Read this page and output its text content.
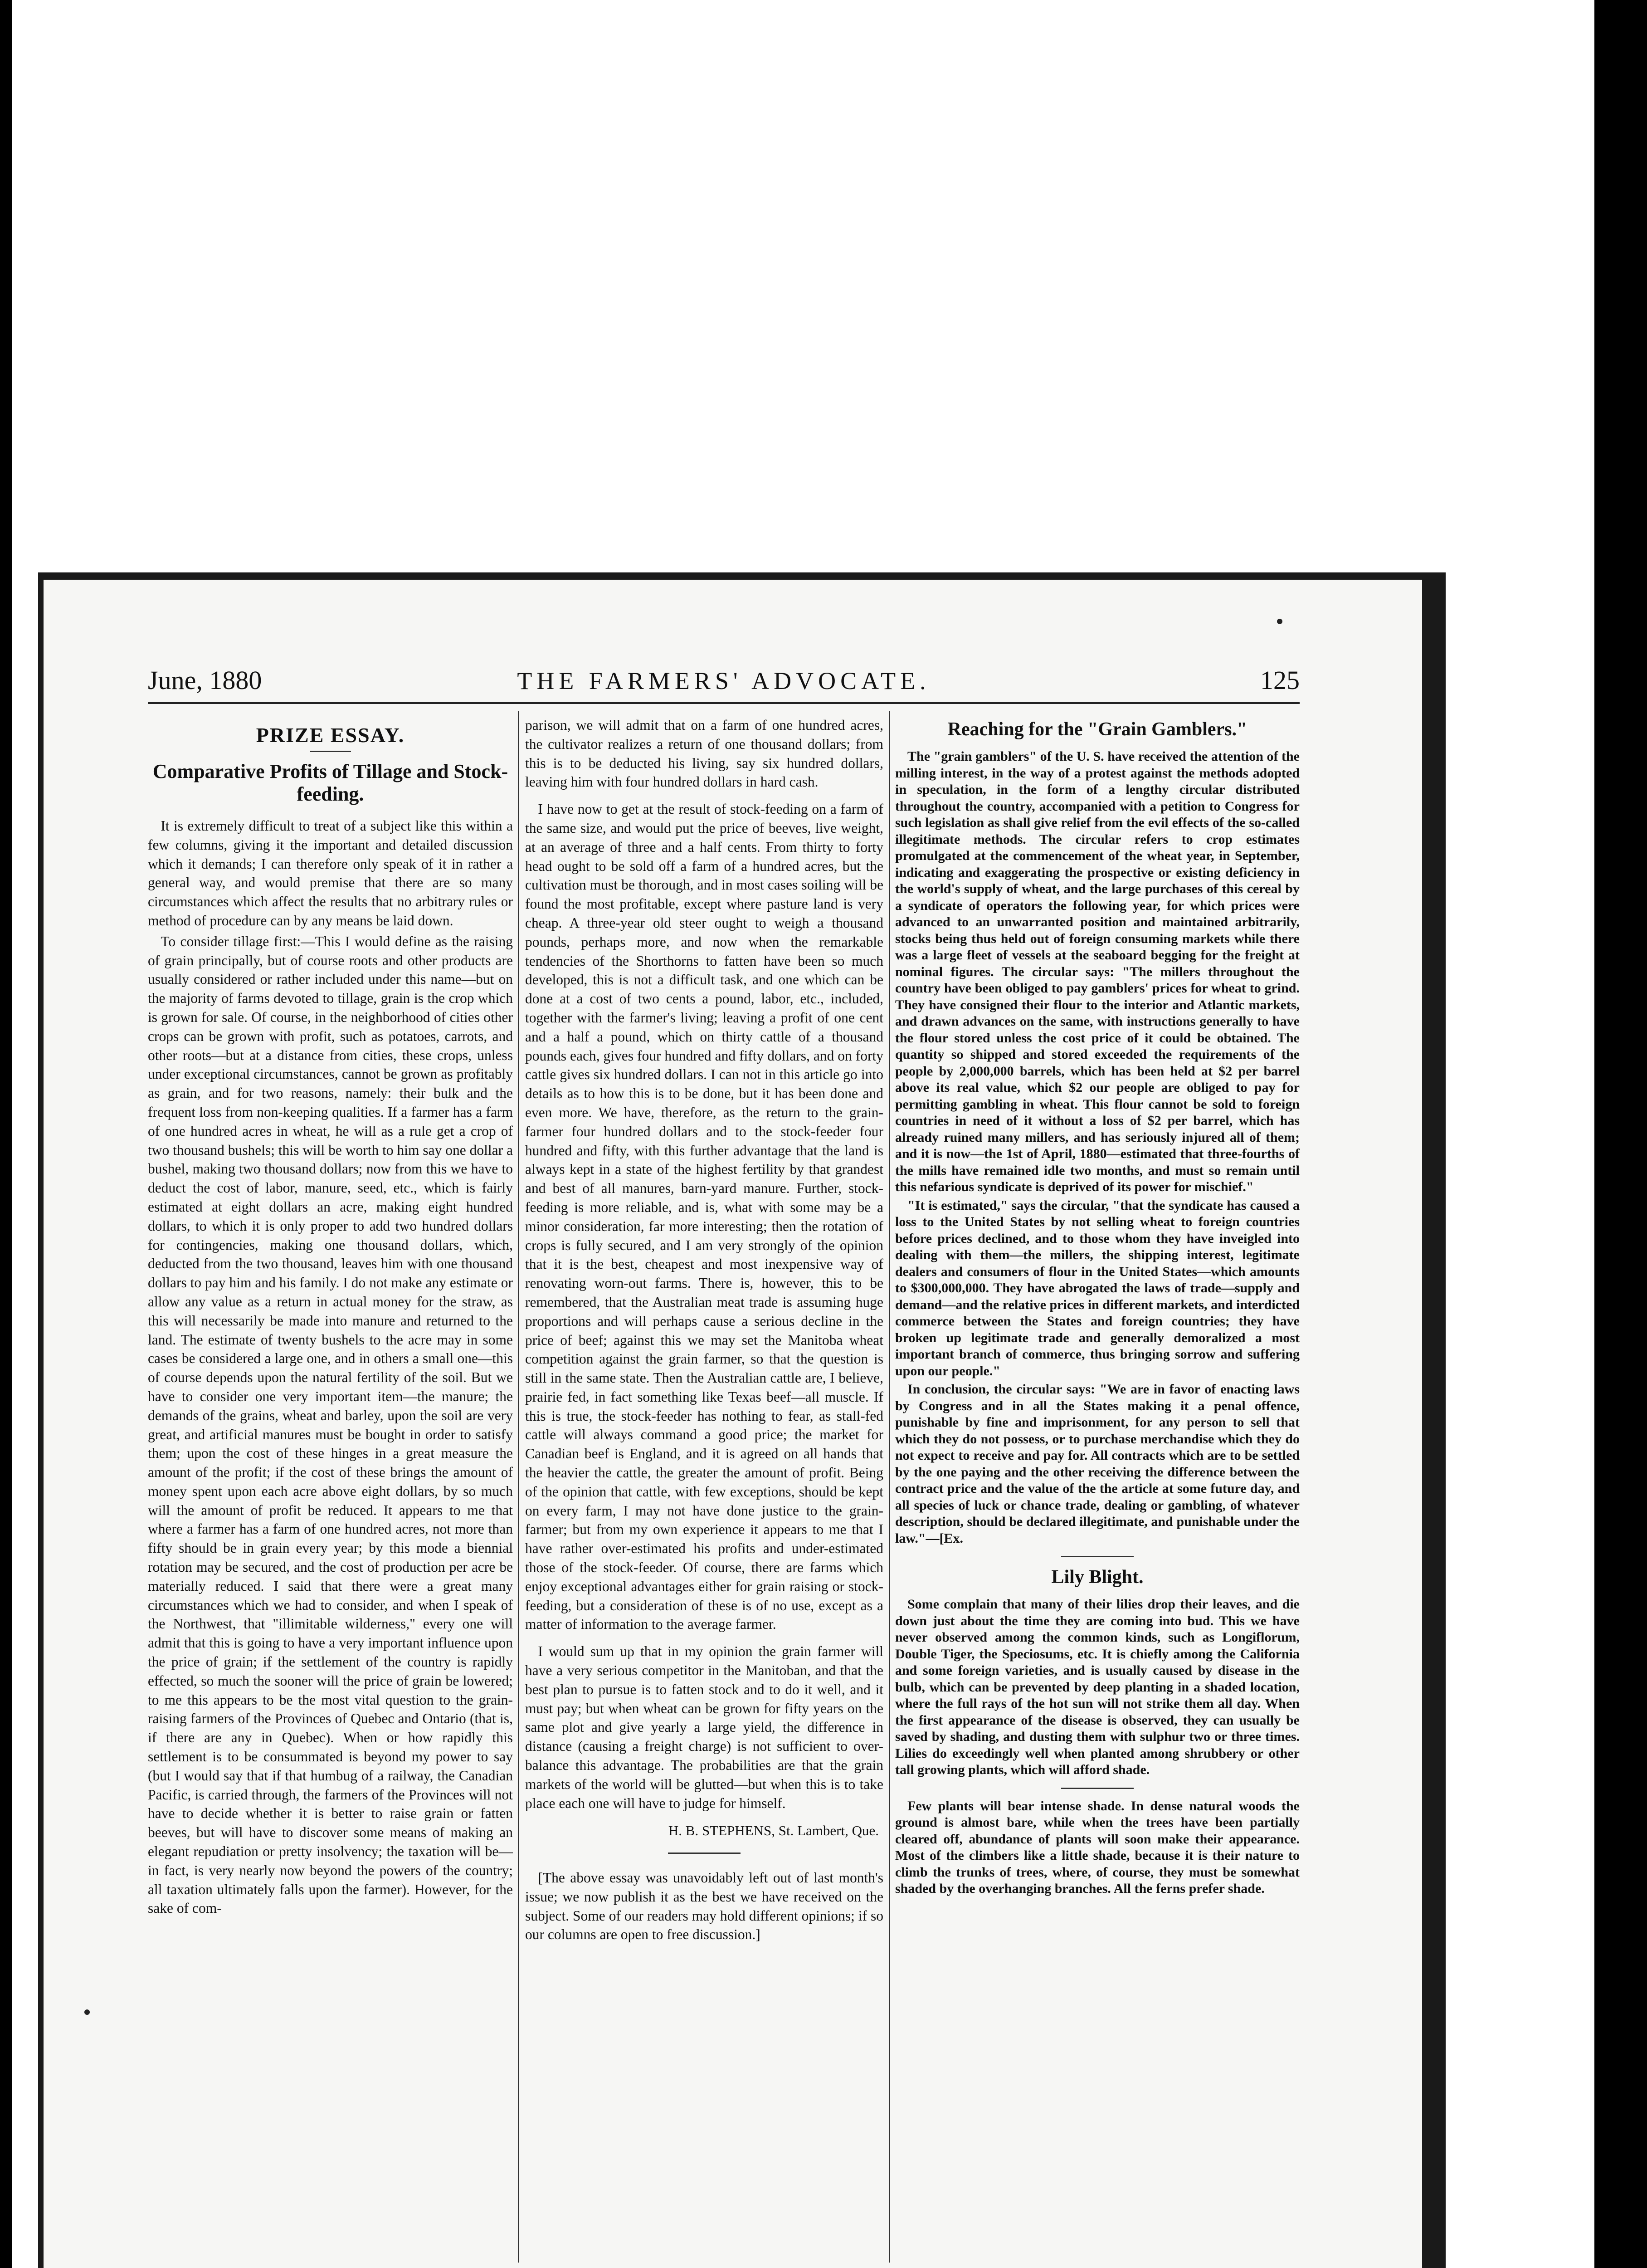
June, 1880	THE FARMERS' ADVOCATE.	125
PRIZE ESSAY.
Comparative Profits of Tillage and Stock-feeding.

It is extremely difficult to treat of a subject like this within a few columns, giving it the important and detailed discussion which it demands; I can therefore only speak of it in rather a general way, and would premise that there are so many circumstances which affect the results that no arbitrary rules or method of procedure can by any means be laid down.

To consider tillage first:—This I would define as the raising of grain principally, but of course roots and other products are usually considered or rather included under this name—but on the majority of farms devoted to tillage, grain is the crop which is grown for sale. Of course, in the neighborhood of cities other crops can be grown with profit, such as potatoes, carrots, and other roots—but at a distance from cities, these crops, unless under exceptional circumstances, cannot be grown as profitably as grain, and for two reasons, namely: their bulk and the frequent loss from non-keeping qualities. If a farmer has a farm of one hundred acres in wheat, he will as a rule get a crop of two thousand bushels; this will be worth to him say one dollar a bushel, making two thousand dollars; now from this we have to deduct the cost of labor, manure, seed, etc., which is fairly estimated at eight dollars an acre, making eight hundred dollars, to which it is only proper to add two hundred dollars for contingencies, making one thousand dollars, which, deducted from the two thousand, leaves him with one thousand dollars to pay him and his family. I do not make any estimate or allow any value as a return in actual money for the straw, as this will necessarily be made into manure and returned to the land. The estimate of twenty bushels to the acre may in some cases be considered a large one, and in others a small one—this of course depends upon the natural fertility of the soil. But we have to consider one very important item—the manure; the demands of the grains, wheat and barley, upon the soil are very great, and artificial manures must be bought in order to satisfy them; upon the cost of these hinges in a great measure the amount of the profit; if the cost of these brings the amount of money spent upon each acre above eight dollars, by so much will the amount of profit be reduced. It appears to me that where a farmer has a farm of one hundred acres, not more than fifty should be in grain every year; by this mode a biennial rotation may be secured, and the cost of production per acre be materially reduced. I said that there were a great many circumstances which we had to consider, and when I speak of the Northwest, that "illimitable wilderness," every one will admit that this is going to have a very important influence upon the price of grain; if the settlement of the country is rapidly effected, so much the sooner will the price of grain be lowered; to me this appears to be the most vital question to the grain-raising farmers of the Provinces of Quebec and Ontario (that is, if there are any in Quebec). When or how rapidly this settlement is to be consummated is beyond my power to say (but I would say that if that humbug of a railway, the Canadian Pacific, is carried through, the farmers of the Provinces will not have to decide whether it is better to raise grain or fatten beeves, but will have to discover some means of making an elegant repudiation or pretty insolvency; the taxation will be—in fact, is very nearly now beyond the powers of the country; all taxation ultimately falls upon the farmer). However, for the sake of com-

parison, we will admit that on a farm of one hundred acres, the cultivator realizes a return of one thousand dollars; from this is to be deducted his living, say six hundred dollars, leaving him with four hundred dollars in hard cash.

I have now to get at the result of stock-feeding on a farm of the same size, and would put the price of beeves, live weight, at an average of three and a half cents. From thirty to forty head ought to be sold off a farm of a hundred acres, but the cultivation must be thorough, and in most cases soiling will be found the most profitable, except where pasture land is very cheap. A three-year old steer ought to weigh a thousand pounds, perhaps more, and now when the remarkable tendencies of the Shorthorns to fatten have been so much developed, this is not a difficult task, and one which can be done at a cost of two cents a pound, labor, etc., included, together with the farmer's living; leaving a profit of one cent and a half a pound, which on thirty cattle of a thousand pounds each, gives four hundred and fifty dollars, and on forty cattle gives six hundred dollars. I can not in this article go into details as to how this is to be done, but it has been done and even more. We have, therefore, as the return to the grain-farmer four hundred dollars and to the stock-feeder four hundred and fifty, with this further advantage that the land is always kept in a state of the highest fertility by that grandest and best of all manures, barn-yard manure. Further, stock-feeding is more reliable, and is, what with some may be a minor consideration, far more interesting; then the rotation of crops is fully secured, and I am very strongly of the opinion that it is the best, cheapest and most inexpensive way of renovating worn-out farms. There is, however, this to be remembered, that the Australian meat trade is assuming huge proportions and will perhaps cause a serious decline in the price of beef; against this we may set the Manitoba wheat competition against the grain farmer, so that the question is still in the same state. Then the Australian cattle are, I believe, prairie fed, in fact something like Texas beef—all muscle. If this is true, the stock-feeder has nothing to fear, as stall-fed cattle will always command a good price; the market for Canadian beef is England, and it is agreed on all hands that the heavier the cattle, the greater the amount of profit. Being of the opinion that cattle, with few exceptions, should be kept on every farm, I may not have done justice to the grain-farmer; but from my own experience it appears to me that I have rather over-estimated his profits and under-estimated those of the stock-feeder. Of course, there are farms which enjoy exceptional advantages either for grain raising or stock-feeding, but a consideration of these is of no use, except as a matter of information to the average farmer.

I would sum up that in my opinion the grain farmer will have a very serious competitor in the Manitoban, and that the best plan to pursue is to fatten stock and to do it well, and it must pay; but when wheat can be grown for fifty years on the same plot and give yearly a large yield, the difference in distance (causing a freight charge) is not sufficient to over-balance this advantage. The probabilities are that the grain markets of the world will be glutted—but when this is to take place each one will have to judge for himself.

H. B. STEPHENS, St. Lambert, Que.

[The above essay was unavoidably left out of last month's issue; we now publish it as the best we have received on the subject. Some of our readers may hold different opinions; if so our columns are open to free discussion.]

Reaching for the "Grain Gamblers."

The "grain gamblers" of the U. S. have received the attention of the milling interest, in the way of a protest against the methods adopted in speculation, in the form of a lengthy circular distributed throughout the country, accompanied with a petition to Congress for such legislation as shall give relief from the evil effects of the so-called illegitimate methods. The circular refers to crop estimates promulgated at the commencement of the wheat year, in September, indicating and exaggerating the prospective or existing deficiency in the world's supply of wheat, and the large purchases of this cereal by a syndicate of operators the following year, for which prices were advanced to an unwarranted position and maintained arbitrarily, stocks being thus held out of foreign consuming markets while there was a large fleet of vessels at the seaboard begging for the freight at nominal figures. The circular says: "The millers throughout the country have been obliged to pay gamblers' prices for wheat to grind. They have consigned their flour to the interior and Atlantic markets, and drawn advances on the same, with instructions generally to have the flour stored unless the cost price of it could be obtained. The quantity so shipped and stored exceeded the requirements of the people by 2,000,000 barrels, which has been held at $2 per barrel above its real value, which $2 our people are obliged to pay for permitting gambling in wheat. This flour cannot be sold to foreign countries in need of it without a loss of $2 per barrel, which has already ruined many millers, and has seriously injured all of them; and it is now—the 1st of April, 1880—estimated that three-fourths of the mills have remained idle two months, and must so remain until this nefarious syndicate is deprived of its power for mischief."

"It is estimated," says the circular, "that the syndicate has caused a loss to the United States by not selling wheat to foreign countries before prices declined, and to those whom they have inveigled into dealing with them—the millers, the shipping interest, legitimate dealers and consumers of flour in the United States—which amounts to $300,000,000. They have abrogated the laws of trade—supply and demand—and the relative prices in different markets, and interdicted commerce between the States and foreign countries; they have broken up legitimate trade and generally demoralized a most important branch of commerce, thus bringing sorrow and suffering upon our people."

In conclusion, the circular says: "We are in favor of enacting laws by Congress and in all the States making it a penal offence, punishable by fine and imprisonment, for any person to sell that which they do not possess, or to purchase merchandise which they do not expect to receive and pay for. All contracts which are to be settled by the one paying and the other receiving the difference between the contract price and the value of the the article at some future day, and all species of luck or chance trade, dealing or gambling, of whatever description, should be declared illegitimate, and punishable under the law."—[Ex.

Lily Blight.

Some complain that many of their lilies drop their leaves, and die down just about the time they are coming into bud. This we have never observed among the common kinds, such as Longiflorum, Double Tiger, the Speciosums, etc. It is chiefly among the California and some foreign varieties, and is usually caused by disease in the bulb, which can be prevented by deep planting in a shaded location, where the full rays of the hot sun will not strike them all day. When the first appearance of the disease is observed, they can usually be saved by shading, and dusting them with sulphur two or three times. Lilies do exceedingly well when planted among shrubbery or other tall growing plants, which will afford shade.

Few plants will bear intense shade. In dense natural woods the ground is almost bare, while when the trees have been partially cleared off, abundance of plants will soon make their appearance. Most of the climbers like a little shade, because it is their nature to climb the trunks of trees, where, of course, they must be somewhat shaded by the overhanging branches. All the ferns prefer shade.
